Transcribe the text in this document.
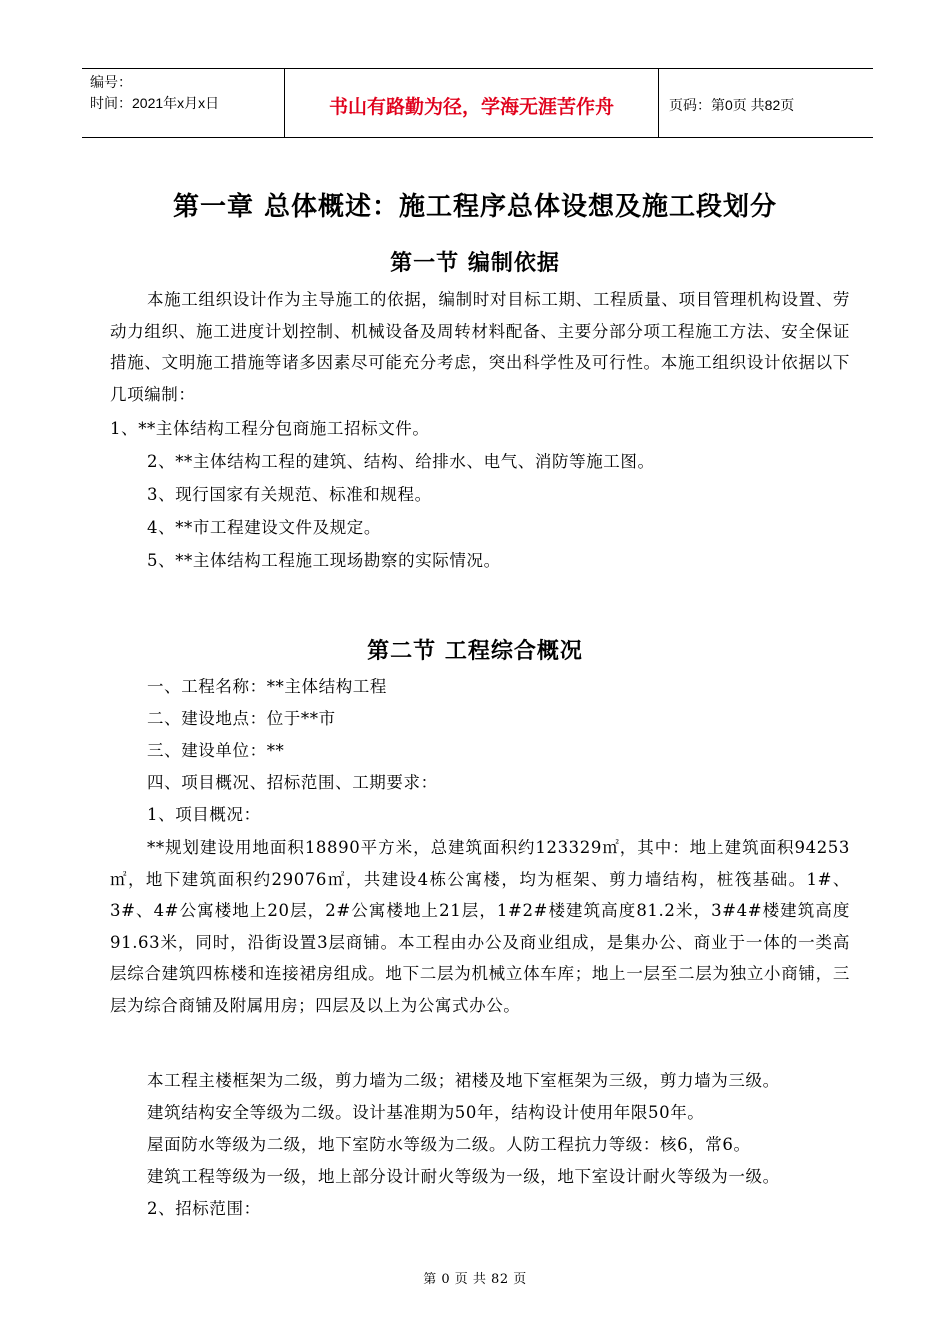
编号：
时间：2021年x月x日	书山有路勤为径，学海无涯苦作舟	页码：第0页 共82页
第一章 总体概述：施工程序总体设想及施工段划分
第一节 编制依据
本施工组织设计作为主导施工的依据，编制时对目标工期、工程质量、项目管理机构设置、劳动力组织、施工进度计划控制、机械设备及周转材料配备、主要分部分项工程施工方法、安全保证措施、文明施工措施等诸多因素尽可能充分考虑，突出科学性及可行性。本施工组织设计依据以下几项编制：
1、**主体结构工程分包商施工招标文件。
2、**主体结构工程的建筑、结构、给排水、电气、消防等施工图。
3、现行国家有关规范、标准和规程。
4、**市工程建设文件及规定。
5、**主体结构工程施工现场勘察的实际情况。
第二节 工程综合概况
一、工程名称：**主体结构工程
二、建设地点：位于**市
三、建设单位：**
四、项目概况、招标范围、工期要求：
1、项目概况：
**规划建设用地面积18890平方米，总建筑面积约123329㎡，其中：地上建筑面积94253㎡，地下建筑面积约29076㎡，共建设4栋公寓楼，均为框架、剪力墙结构，桩筏基础。1#、3#、4#公寓楼地上20层，2#公寓楼地上21层，1#2#楼建筑高度81.2米，3#4#楼建筑高度91.63米，同时，沿街设置3层商铺。本工程由办公及商业组成，是集办公、商业于一体的一类高层综合建筑四栋楼和连接裙房组成。地下二层为机械立体车库；地上一层至二层为独立小商铺，三层为综合商铺及附属用房；四层及以上为公寓式办公。
本工程主楼框架为二级，剪力墙为二级；裙楼及地下室框架为三级，剪力墙为三级。
建筑结构安全等级为二级。设计基准期为50年，结构设计使用年限50年。
屋面防水等级为二级，地下室防水等级为二级。人防工程抗力等级：核6，常6。
建筑工程等级为一级，地上部分设计耐火等级为一级，地下室设计耐火等级为一级。
2、招标范围：
第 0 页 共 82 页
